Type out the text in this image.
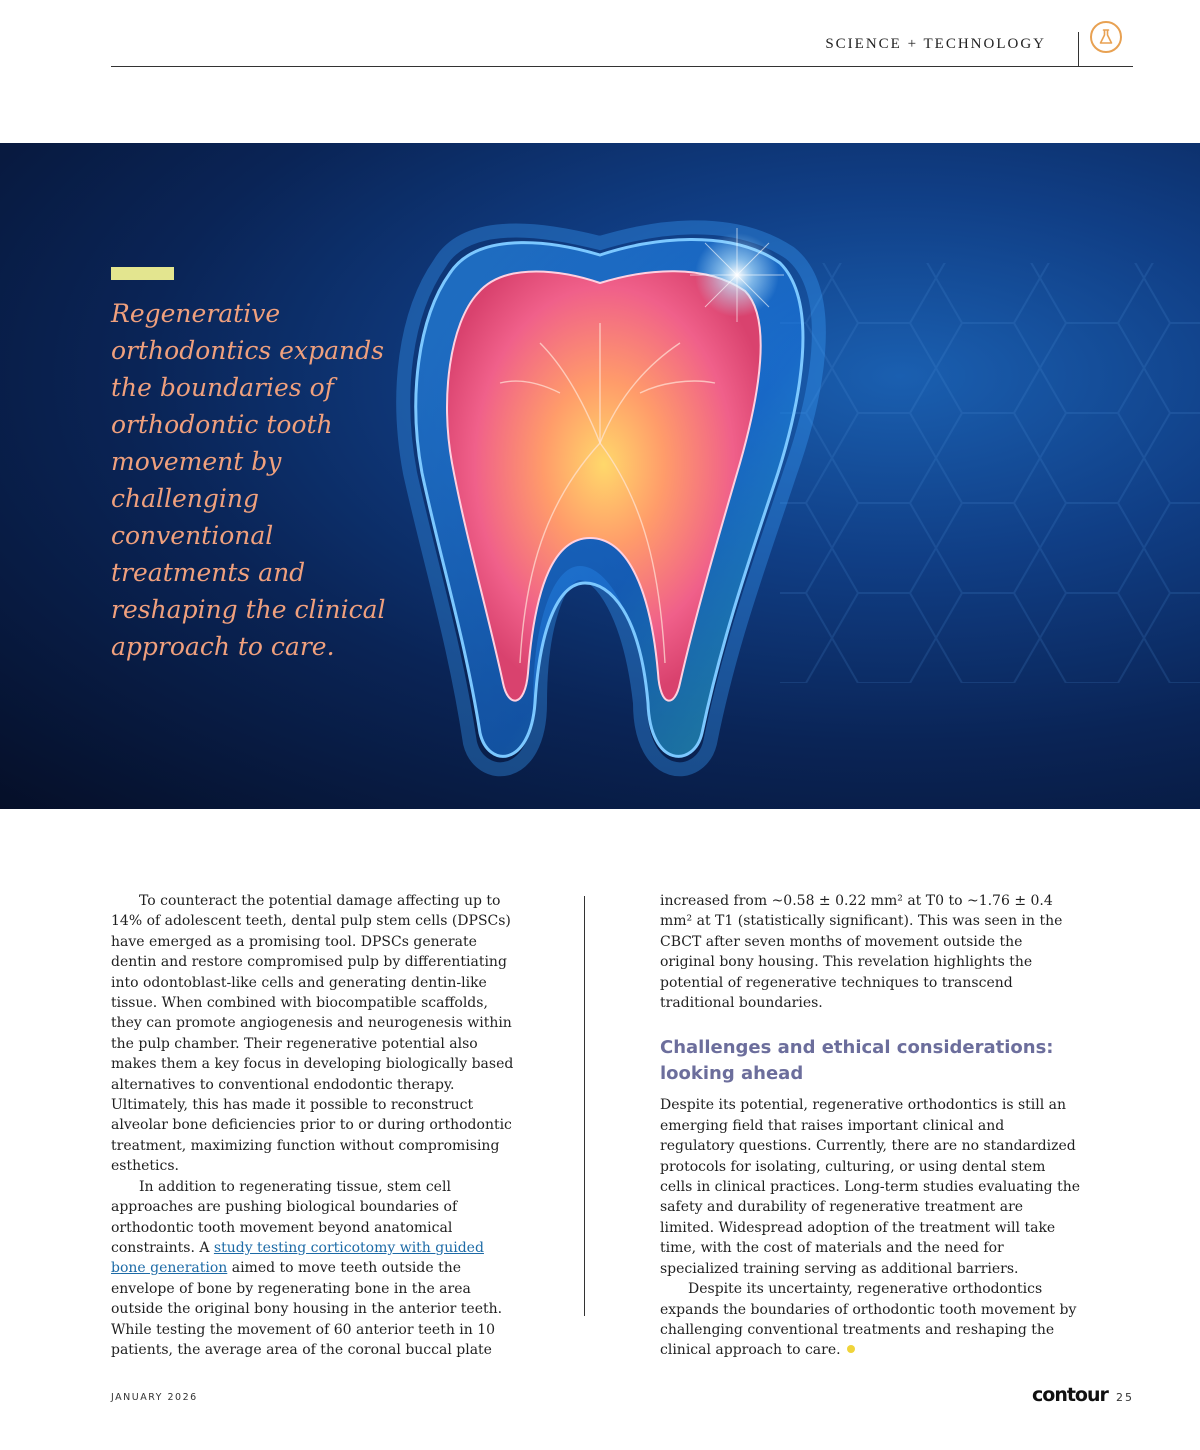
SCIENCE + TECHNOLOGY

Regenerative orthodontics expands the boundaries of orthodontic tooth movement by challenging conventional treatments and reshaping the clinical approach to care.

To counteract the potential damage affecting up to 14% of adolescent teeth, dental pulp stem cells (DPSCs) have emerged as a promising tool. DPSCs generate dentin and restore compromised pulp by differentiating into odontoblast-like cells and generating dentin-like tissue. When combined with biocompatible scaffolds, they can promote angiogenesis and neurogenesis within the pulp chamber. Their regenerative potential also makes them a key focus in developing biologically based alternatives to conventional endodontic therapy. Ultimately, this has made it possible to reconstruct alveolar bone deficiencies prior to or during orthodontic treatment, maximizing function without compromising esthetics.

In addition to regenerating tissue, stem cell approaches are pushing biological boundaries of orthodontic tooth movement beyond anatomical constraints. A study testing corticotomy with guided bone generation aimed to move teeth outside the envelope of bone by regenerating bone in the area outside the original bony housing in the anterior teeth. While testing the movement of 60 anterior teeth in 10 patients, the average area of the coronal buccal plate

increased from ~0.58 ± 0.22 mm² at T0 to ~1.76 ± 0.4 mm² at T1 (statistically significant). This was seen in the CBCT after seven months of movement outside the original bony housing. This revelation highlights the potential of regenerative techniques to transcend traditional boundaries.

Challenges and ethical considerations: looking ahead

Despite its potential, regenerative orthodontics is still an emerging field that raises important clinical and regulatory questions. Currently, there are no standardized protocols for isolating, culturing, or using dental stem cells in clinical practices. Long-term studies evaluating the safety and durability of regenerative treatment are limited. Widespread adoption of the treatment will take time, with the cost of materials and the need for specialized training serving as additional barriers.

Despite its uncertainty, regenerative orthodontics expands the boundaries of orthodontic tooth movement by challenging conventional treatments and reshaping the clinical approach to care.

JANUARY 2026	contour 25
